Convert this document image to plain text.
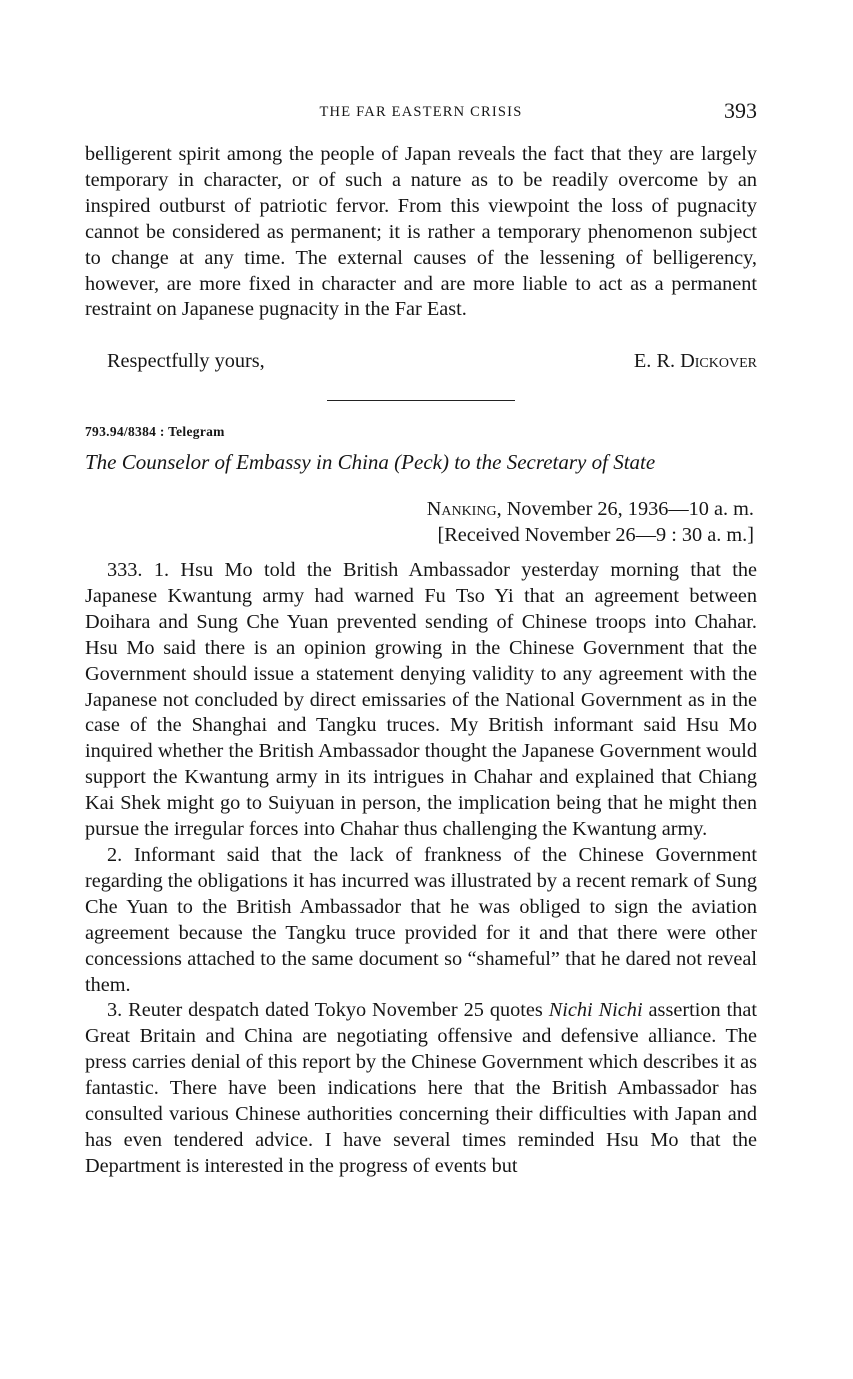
THE FAR EASTERN CRISIS	393

belligerent spirit among the people of Japan reveals the fact that they are largely temporary in character, or of such a nature as to be readily overcome by an inspired outburst of patriotic fervor. From this viewpoint the loss of pugnacity cannot be considered as permanent; it is rather a temporary phenomenon subject to change at any time. The external causes of the lessening of belligerency, however, are more fixed in character and are more liable to act as a permanent restraint on Japanese pugnacity in the Far East.

Respectfully yours,	E. R. Dickover
793.94/8384 : Telegram
The Counselor of Embassy in China (Peck) to the Secretary of State
Nanking, November 26, 1936—10 a. m.
[Received November 26—9 : 30 a. m.]

333. 1. Hsu Mo told the British Ambassador yesterday morning that the Japanese Kwantung army had warned Fu Tso Yi that an agreement between Doihara and Sung Che Yuan prevented sending of Chinese troops into Chahar. Hsu Mo said there is an opinion growing in the Chinese Government that the Government should issue a statement denying validity to any agreement with the Japanese not concluded by direct emissaries of the National Government as in the case of the Shanghai and Tangku truces. My British informant said Hsu Mo inquired whether the British Ambassador thought the Japanese Government would support the Kwantung army in its intrigues in Chahar and explained that Chiang Kai Shek might go to Suiyuan in person, the implication being that he might then pursue the irregular forces into Chahar thus challenging the Kwantung army.

2. Informant said that the lack of frankness of the Chinese Government regarding the obligations it has incurred was illustrated by a recent remark of Sung Che Yuan to the British Ambassador that he was obliged to sign the aviation agreement because the Tangku truce provided for it and that there were other concessions attached to the same document so “shameful” that he dared not reveal them.

3. Reuter despatch dated Tokyo November 25 quotes Nichi Nichi assertion that Great Britain and China are negotiating offensive and defensive alliance. The press carries denial of this report by the Chinese Government which describes it as fantastic. There have been indications here that the British Ambassador has consulted various Chinese authorities concerning their difficulties with Japan and has even tendered advice. I have several times reminded Hsu Mo that the Department is interested in the progress of events but
